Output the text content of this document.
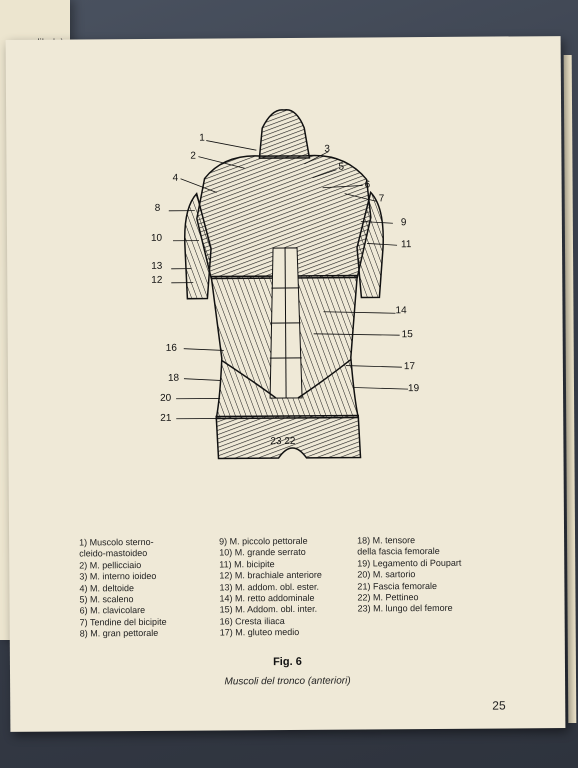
1
2
3
4
5
6
7
8
9
10
11
12
13
14
15
16
17
18
19
20
21
23 22
1) Muscolo sterno-
cleido-mastoideo
2) M. pellicciaio
3) M. interno ioideo
4) M. deltoide
5) M. scaleno
6) M. clavicolare
7) Tendine del bicipite
8) M. gran pettorale
9) M. piccolo pettorale
10) M. grande serrato
11) M. bicipite
12) M. brachiale anteriore
13) M. addom. obl. ester.
14) M. retto addominale
15) M. Addom. obl. inter.
16) Cresta iliaca
17) M. gluteo medio
18) M. tensore
della fascia femorale
19) Legamento di Poupart
20) M. sartorio
21) Fascia femorale
22) M. Pettineo
23) M. lungo del femore
Fig. 6
Muscoli del tronco (anteriori)
25
